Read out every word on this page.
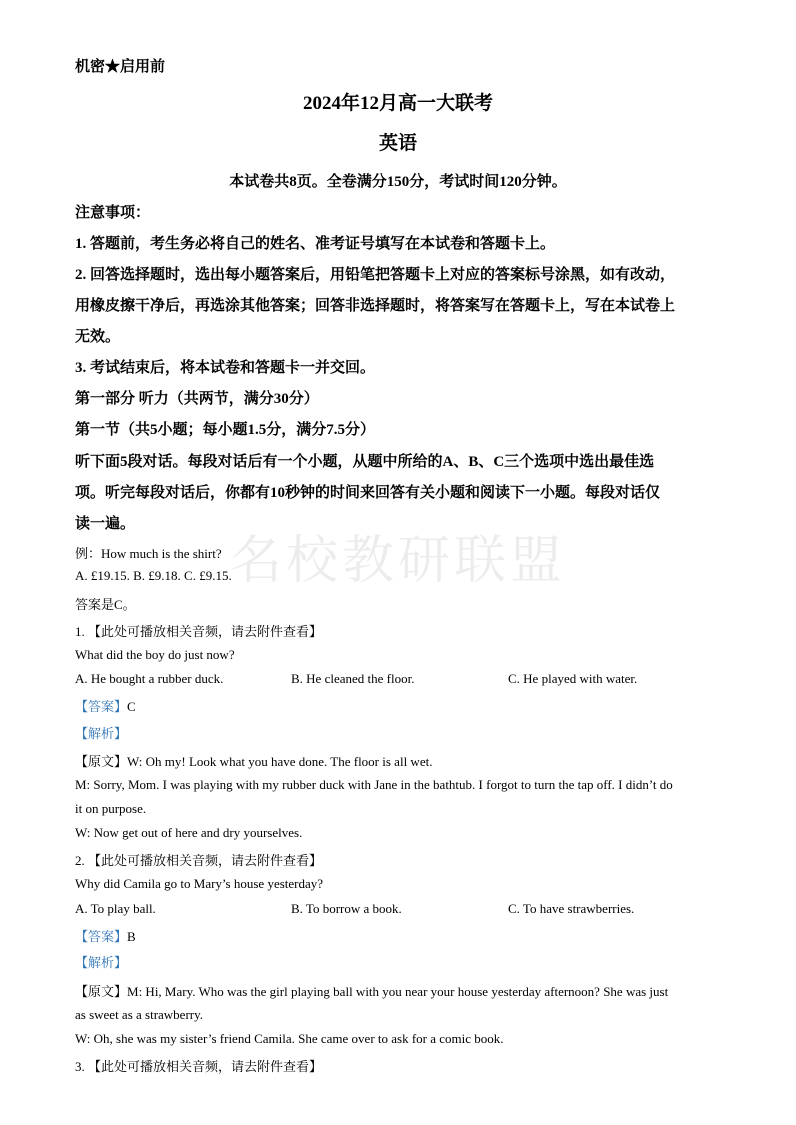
机密★启用前
2024年12月高一大联考
英语
本试卷共8页。全卷满分150分，考试时间120分钟。
注意事项：
1. 答题前，考生务必将自己的姓名、准考证号填写在本试卷和答题卡上。
2. 回答选择题时，选出每小题答案后，用铅笔把答题卡上对应的答案标号涂黑，如有改动，
用橡皮擦干净后，再选涂其他答案；回答非选择题时，将答案写在答题卡上，写在本试卷上
无效。
3. 考试结束后，将本试卷和答题卡一并交回。
第一部分 听力（共两节，满分30分）
第一节（共5小题；每小题1.5分，满分7.5分）
听下面5段对话。每段对话后有一个小题，从题中所给的A、B、C三个选项中选出最佳选
项。听完每段对话后，你都有10秒钟的时间来回答有关小题和阅读下一小题。每段对话仅
读一遍。
名校教研联盟
例：How much is the shirt?
A. £19.15. B. £9.18. C. £9.15.
答案是C。
1. 【此处可播放相关音频，请去附件查看】
What did the boy do just now?
A. He bought a rubber duck.	B. He cleaned the floor.	C. He played with water.
【答案】C
【解析】
【原文】W: Oh my! Look what you have done. The floor is all wet.
M: Sorry, Mom. I was playing with my rubber duck with Jane in the bathtub. I forgot to turn the tap off. I didn’t do
it on purpose.
W: Now get out of here and dry yourselves.
2. 【此处可播放相关音频，请去附件查看】
Why did Camila go to Mary’s house yesterday?
A. To play ball.	B. To borrow a book.	C. To have strawberries.
【答案】B
【解析】
【原文】M: Hi, Mary. Who was the girl playing ball with you near your house yesterday afternoon? She was just
as sweet as a strawberry.
W: Oh, she was my sister’s friend Camila. She came over to ask for a comic book.
3. 【此处可播放相关音频，请去附件查看】
